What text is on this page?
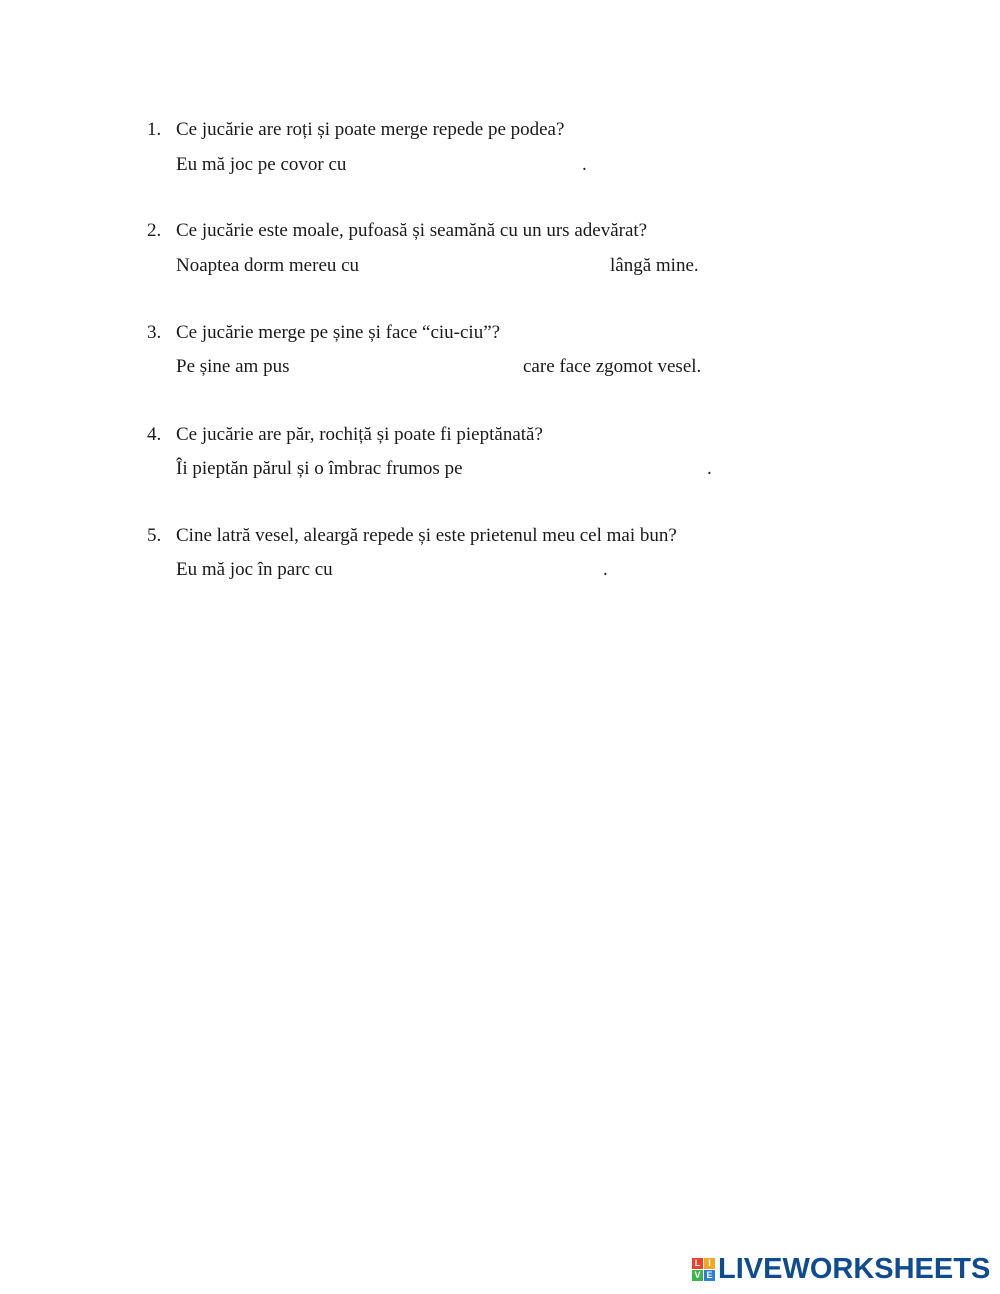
1. Ce jucărie are roți și poate merge repede pe podea?
Eu mă joc pe covor cu	.
2. Ce jucărie este moale, pufoasă și seamănă cu un urs adevărat?
Noaptea dorm mereu cu	lângă mine.
3. Ce jucărie merge pe șine și face “ciu-ciu”?
Pe șine am pus	care face zgomot vesel.
4. Ce jucărie are păr, rochiță și poate fi pieptănată?
Îi pieptăn părul și o îmbrac frumos pe	.
5. Cine latră vesel, aleargă repede și este prietenul meu cel mai bun?
Eu mă joc în parc cu	.
L I
V E LIVEWORKSHEETS
